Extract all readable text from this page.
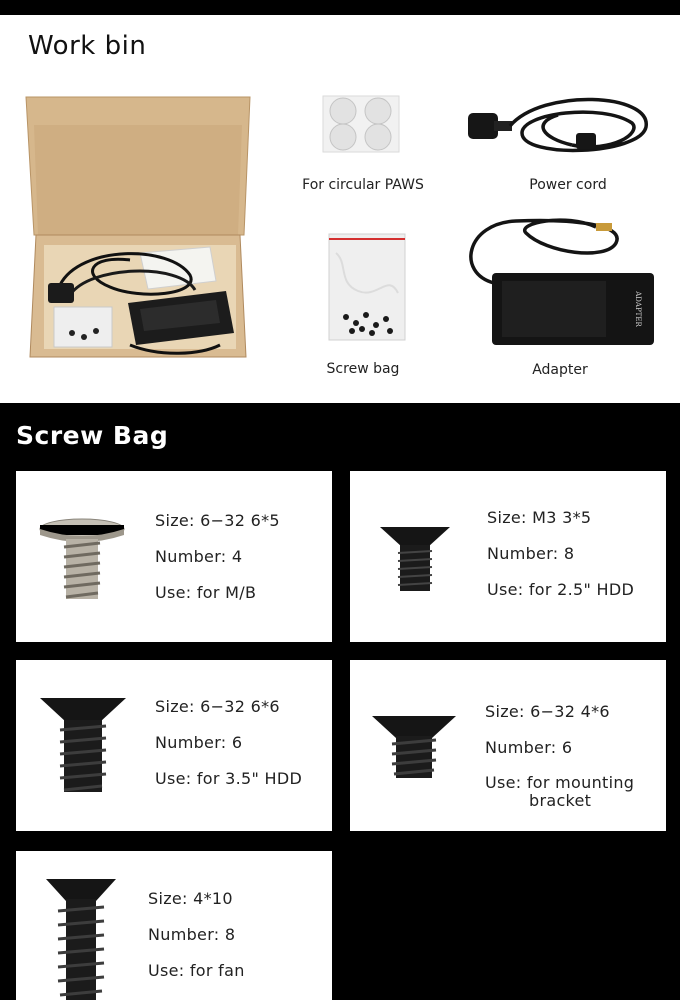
Work bin
For circular PAWS	Power cord
Screw bag
ADAPTER
Adapter
Screw Bag
Size: 6−32 6*5
Number: 4
Use: for M/B
Size: M3 3*5
Number: 8
Use: for 2.5" HDD
Size: 6−32 6*6
Number: 6
Use: for 3.5" HDD
Size: 6−32 4*6
Number: 6
Use: for mounting
bracket
Size: 4*10
Number: 8
Use: for fan
